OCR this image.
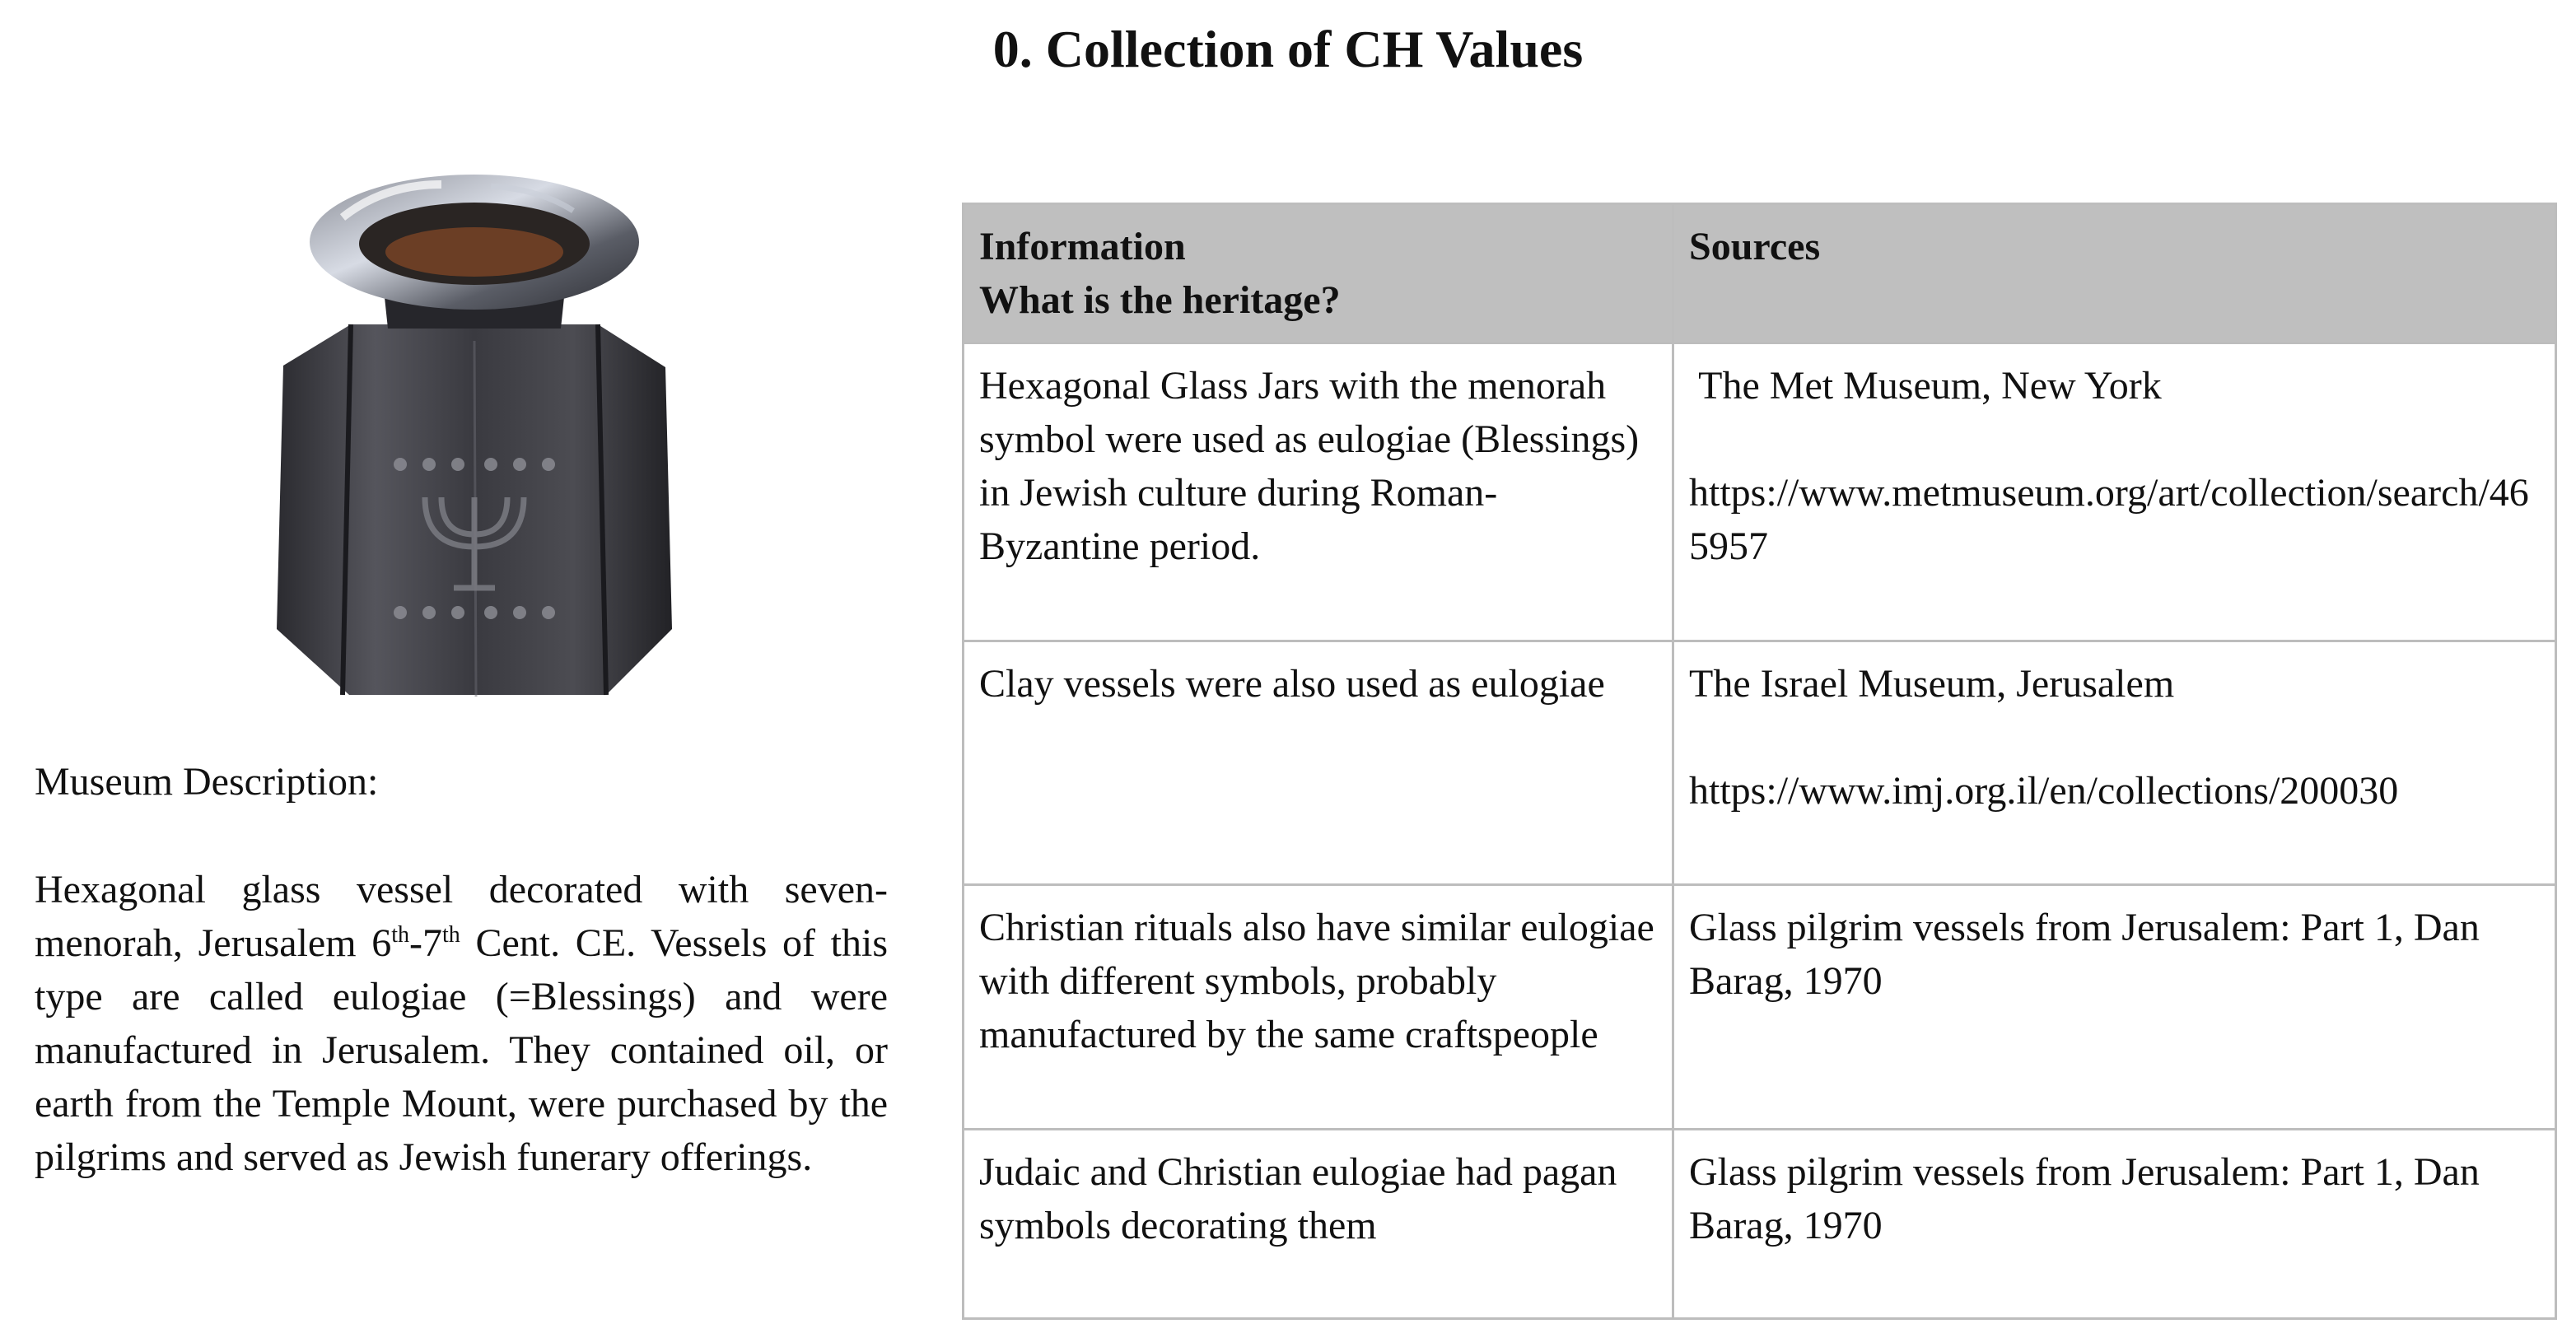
0. Collection of CH Values
Museum Description:
Hexagonal glass vessel decorated with seven-menorah, Jerusalem 6th-7th Cent. CE. Vessels of this type are called eulogiae (=Blessings) and were manufactured in Jerusalem. They contained oil, or earth from the Temple Mount, were purchased by the pilgrims and served as Jewish funerary offerings.
Information
What is the heritage?	Sources
Hexagonal Glass Jars with the menorah symbol were used as eulogiae (Blessings) in Jewish culture during Roman-Byzantine period.	The Met Museum, New York
https://www.metmuseum.org/art/collection/search/465957

Clay vessels were also used as eulogiae	The Israel Museum, Jerusalem
https://www.imj.org.il/en/collections/200030

Christian rituals also have similar eulogiae with different symbols, probably manufactured by the same craftspeople	Glass pilgrim vessels from Jerusalem: Part 1, Dan Barag, 1970
Judaic and Christian eulogiae had pagan symbols decorating them	Glass pilgrim vessels from Jerusalem: Part 1, Dan Barag, 1970
